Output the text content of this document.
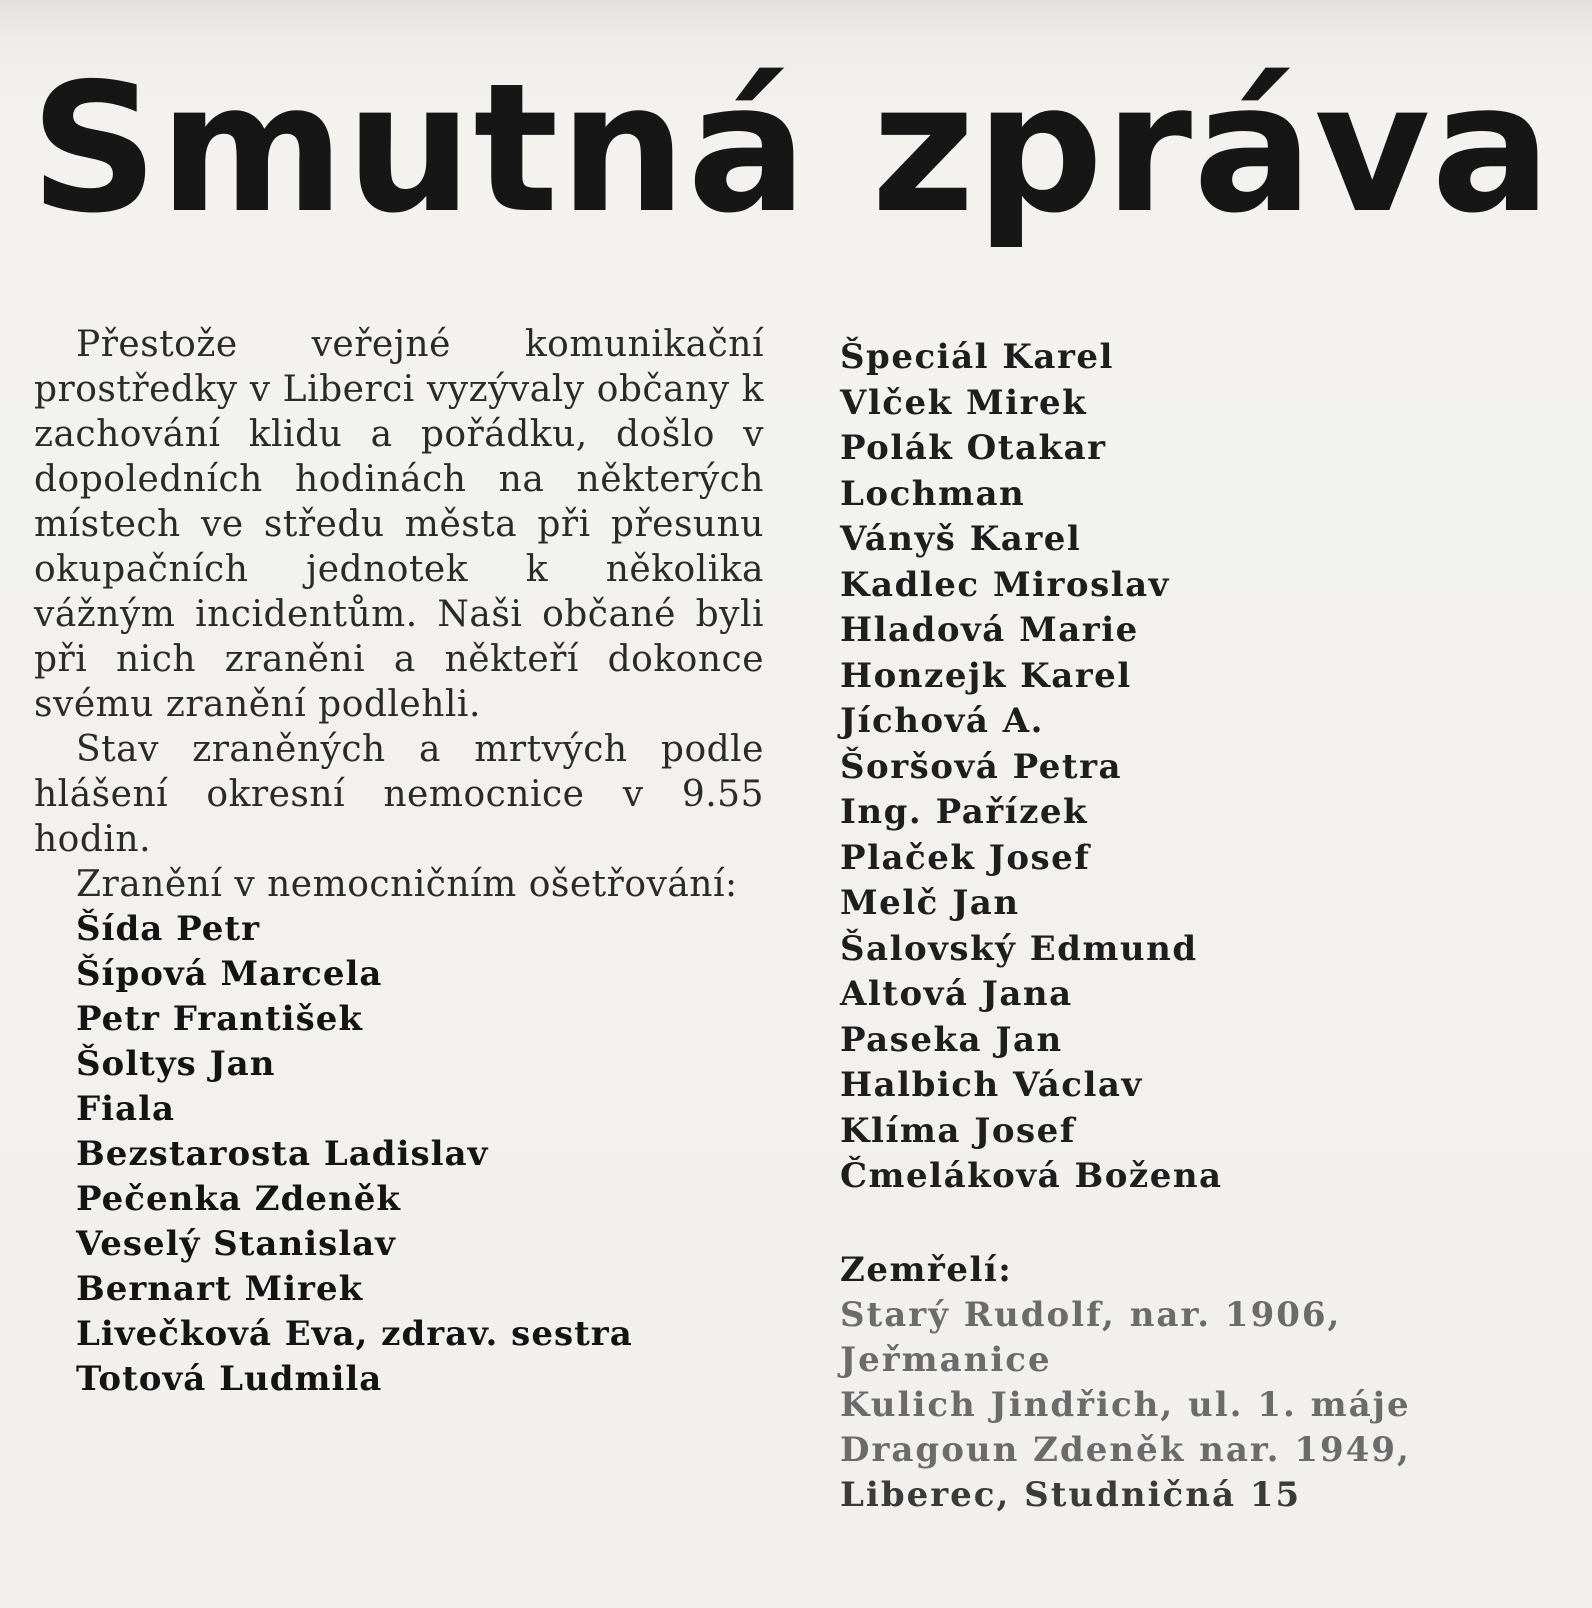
Smutná zpráva

Přestože veřejné komunikační prostředky v Liberci vyzývaly občany k zachování klidu a pořádku, došlo v dopoledních hodinách na některých místech ve středu města při přesunu okupačních jednotek k několika vážným incidentům. Naši občané byli při nich zraněni a někteří dokonce svému zranění podlehli.

Stav zraněných a mrtvých podle hlášení okresní nemocnice v 9.55 hodin.

Zranění v nemocničním ošetřování:

Šída Petr
Šípová Marcela
Petr František
Šoltys Jan
Fiala
Bezstarosta Ladislav
Pečenka Zdeněk
Veselý Stanislav
Bernart Mirek
Livečková Eva, zdrav. sestra
Totová Ludmila
Špeciál Karel
Vlček Mirek
Polák Otakar
Lochman
Ványš Karel
Kadlec Miroslav
Hladová Marie
Honzejk Karel
Jíchová A.
Šoršová Petra
Ing. Pařízek
Plaček Josef
Melč Jan
Šalovský Edmund
Altová Jana
Paseka Jan
Halbich Václav
Klíma Josef
Čmeláková Božena

Zemřelí:

Starý Rudolf, nar. 1906,
Jeřmanice
Kulich Jindřich, ul. 1. máje
Dragoun Zdeněk nar. 1949,
Liberec, Studničná 15
